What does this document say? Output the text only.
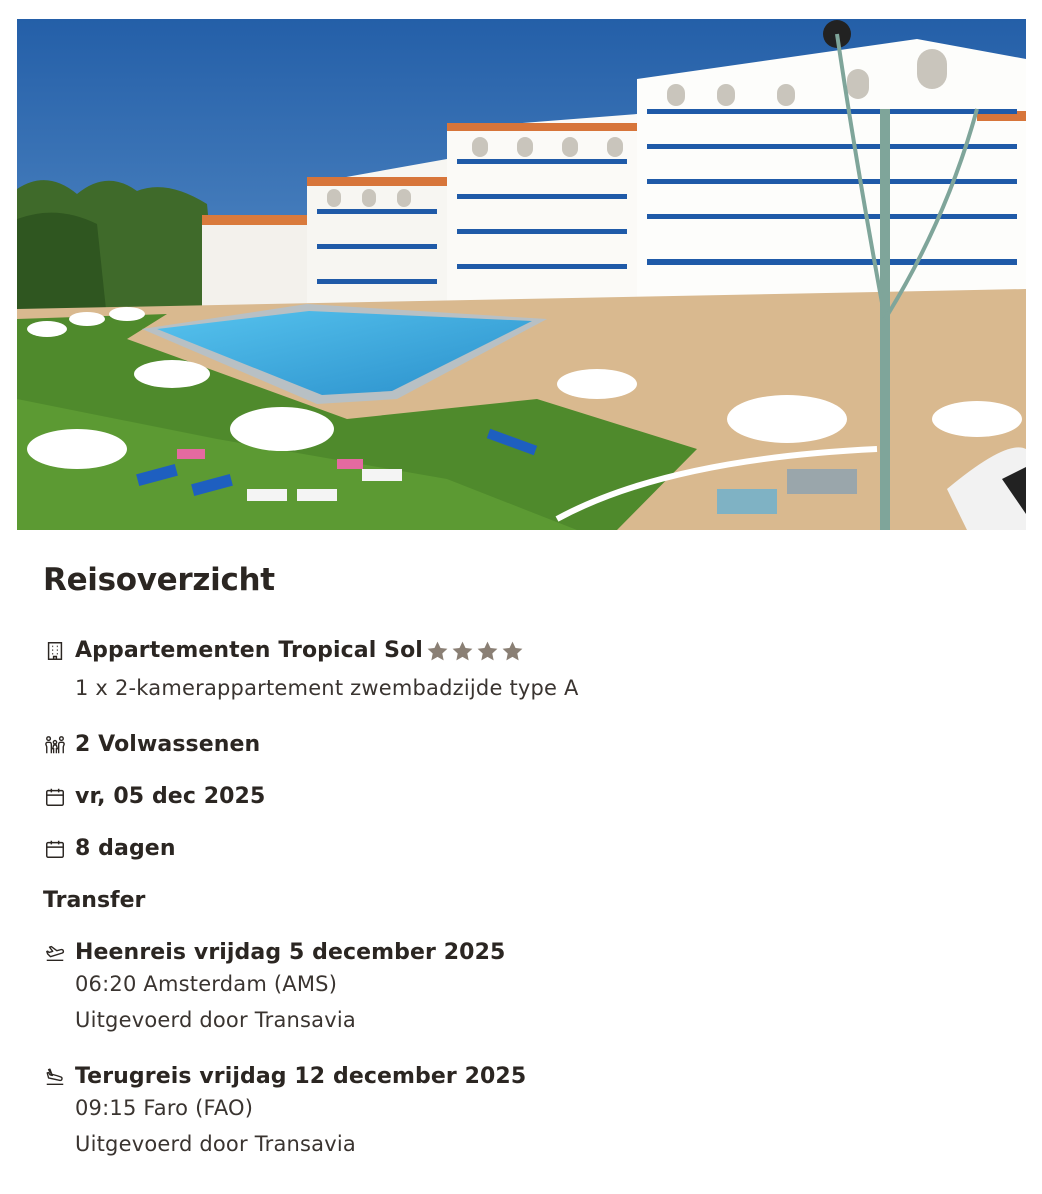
Reisoverzicht
Appartementen Tropical Sol
1 x 2-kamerappartement zwembadzijde type A
2 Volwassenen
vr, 05 dec 2025
8 dagen
Transfer
Heenreis vrijdag 5 december 2025
06:20 Amsterdam (AMS)
Uitgevoerd door Transavia
Terugreis vrijdag 12 december 2025
09:15 Faro (FAO)
Uitgevoerd door Transavia
